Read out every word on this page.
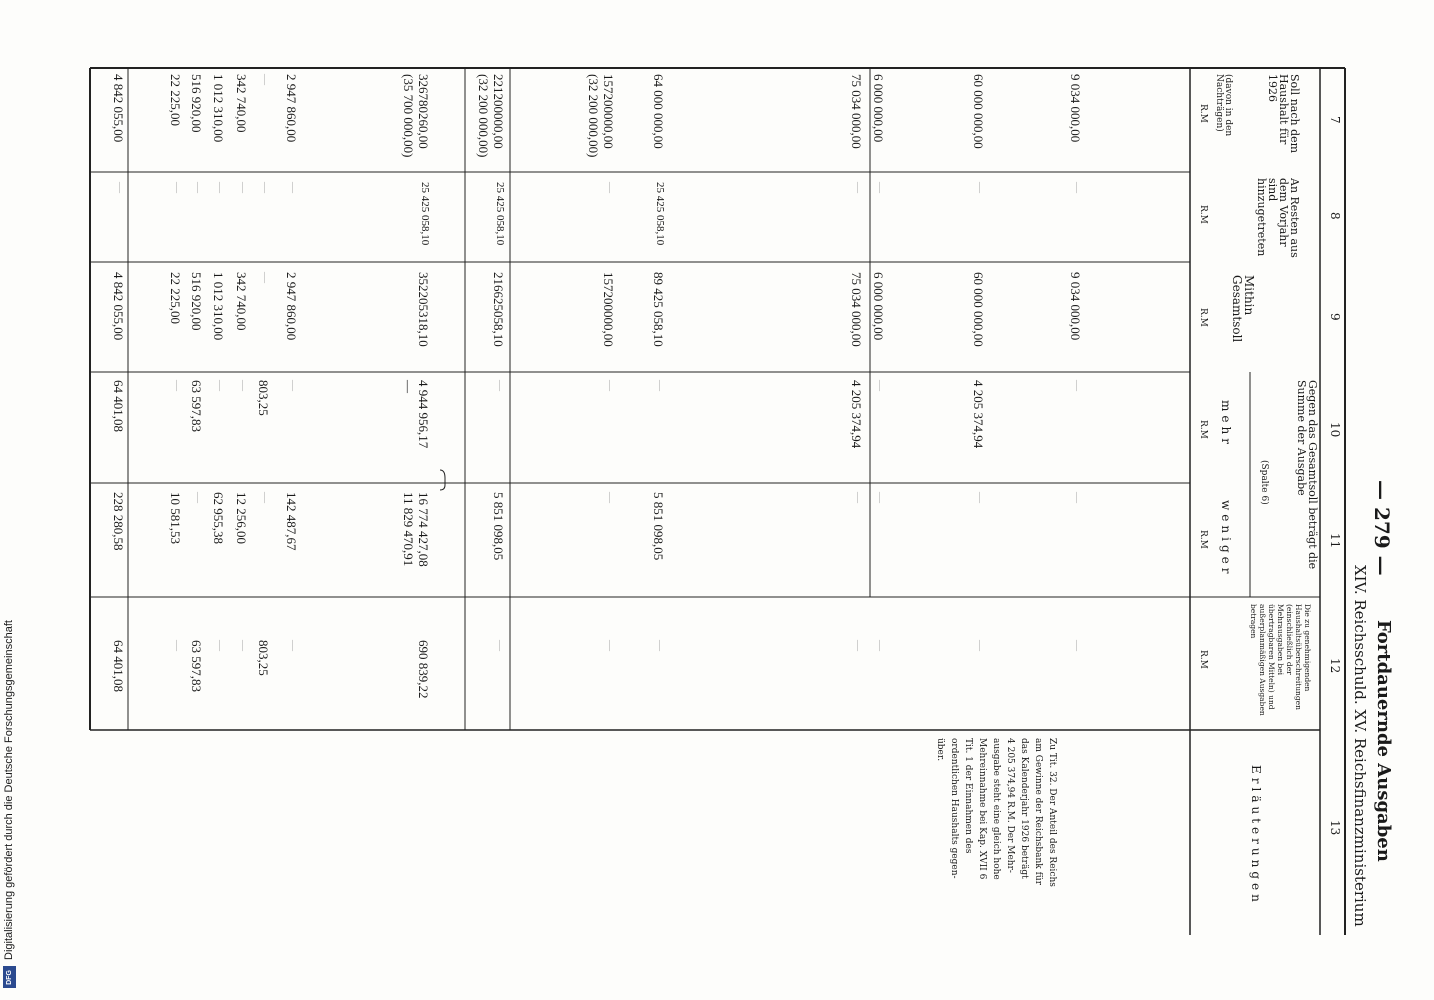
— 279 —
Fortdauernde Ausgaben
XIV. Reichsschuld. XV. Reichsfinanzministerium
7
8
9
10
11
12
13
Soll nach dem Haushalt für 1926
(davon in den Nachträgen)
R.M
An Resten aus dem Vorjahr sind hinzugetreten
R.M
Mithin Gesamtsoll
R.M
Gegen das Gesamtsoll beträgt die Summe der Ausgabe
(Spalte 6)
mehr
R.M
weniger
R.M
Die zu genehmigenden Haushaltsüberschreitungen (einschließlich der Mehrausgaben bei übertragbaren Mitteln) und außerplanmäßigen Ausgaben betragen
R.M
Erläuterungen
9 034 000,00
—
9 034 000,00
—
—
—
60 000 000,00
—
60 000 000,00
4 205 374,94
—
—
6 000 000,00
—
6 000 000,00
—
—
—
75 034 000,00
—
75 034 000,00
4 205 374,94
—
—
64 000 000,00
25 425 058,10
89 425 058,10
—
5 851 098,05
—
157200000,00
—
157200000,00
—
—
—
(32 200 000,00)
221200000,00
25 425 058,10
216625058,10
—
5 851 098,05
—
(32 200 000,00)
326780260,00
25 425 058,10
352205318,10
4 944 956,17
16 774 427,08
690 839,22
(35 700 000,00)
—
11 829 470,91
2 947 860,00
—
2 947 860,00
—
142 487,67
—
—
—
—
803,25
—
803,25
342 740,00
—
342 740,00
—
12 256,00
—
1 012 310,00
—
1 012 310,00
—
62 955,38
—
516 920,00
—
516 920,00
63 597,83
—
63 597,83
22 225,00
—
22 225,00
—
10 581,53
—
4 842 055,00
—
4 842 055,00
64 401,08
228 280,58
64 401,08
Zu Tit. 32. Der Anteil des Reichs
am Gewinne der Reichsbank für
das Kalenderjahr 1926 beträgt
4 205 374,94 R.M. Der Mehr-
ausgabe steht eine gleich hohe
Mehreinnahme bei Kap. XVII 6
Tit. 1 der Einnahmen des
ordentlichen Haushalts gegen-
über.
Digitalisierung gefördert durch die Deutsche Forschungsgemeinschaft
DFG
